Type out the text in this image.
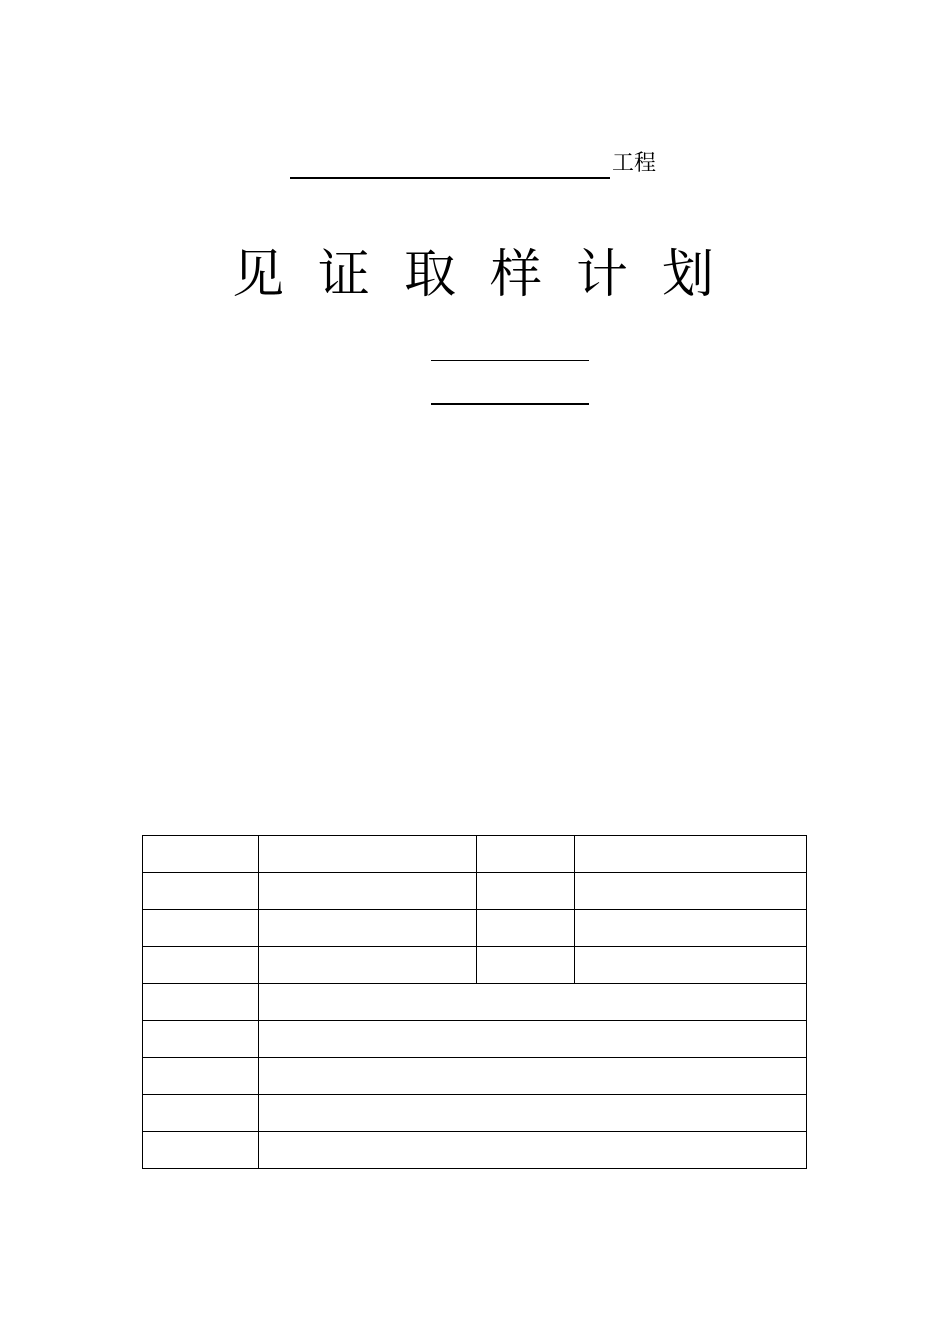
工程
见证取样计划
